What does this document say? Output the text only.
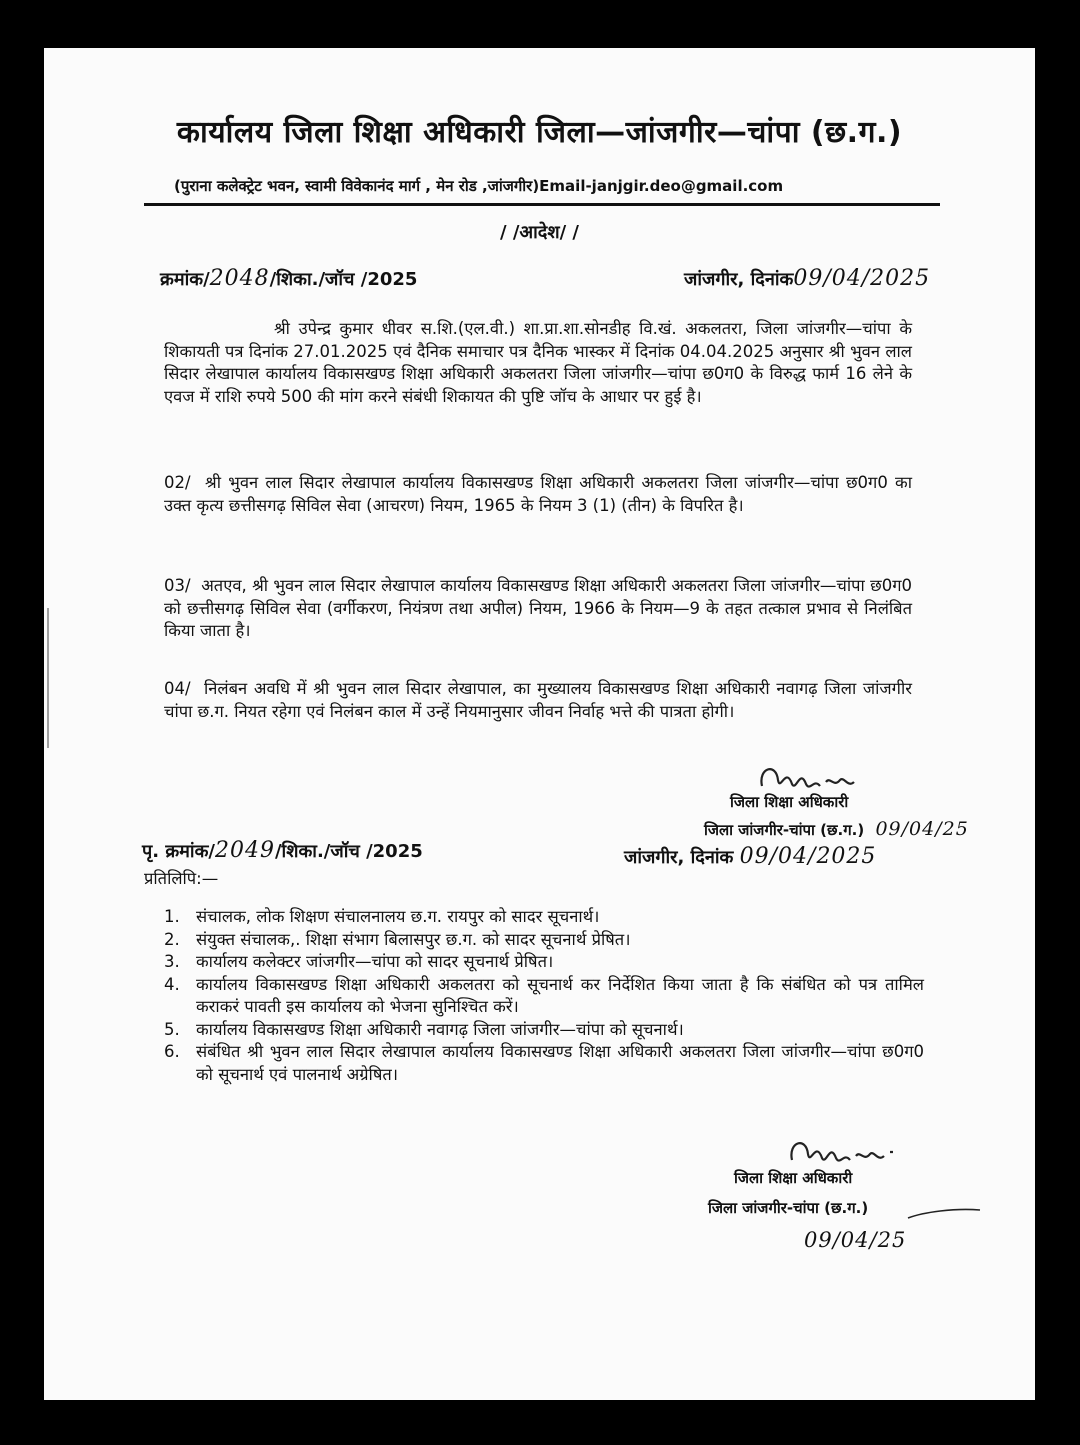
कार्यालय जिला शिक्षा अधिकारी जिला—जांजगीर—चांपा (छ.ग.)
(पुराना कलेक्ट्रेट भवन, स्वामी विवेकानंद मार्ग , मेन रोड ,जांजगीर)Email-janjgir.deo@gmail.com
/ /आदेश/ /
क्रमांक/2048/शिका./जॉच /2025	जांजगीर, दिनांक09/04/2025
श्री उपेन्द्र कुमार धीवर स.शि.(एल.वी.) शा.प्रा.शा.सोनडीह वि.खं. अकलतरा, जिला जांजगीर—चांपा के शिकायती पत्र दिनांक 27.01.2025 एवं दैनिक समाचार पत्र दैनिक भास्कर में दिनांक 04.04.2025 अनुसार श्री भुवन लाल सिदार लेखापाल कार्यालय विकासखण्ड शिक्षा अधिकारी अकलतरा जिला जांजगीर—चांपा छ0ग0 के विरुद्ध फार्म 16 लेने के एवज में राशि रुपये 500 की मांग करने संबंधी शिकायत की पुष्टि जॉच के आधार पर हुई है।
02/ श्री भुवन लाल सिदार लेखापाल कार्यालय विकासखण्ड शिक्षा अधिकारी अकलतरा जिला जांजगीर—चांपा छ0ग0 का उक्त कृत्य छत्तीसगढ़ सिविल सेवा (आचरण) नियम, 1965 के नियम 3 (1) (तीन) के विपरित है।
03/ अतएव, श्री भुवन लाल सिदार लेखापाल कार्यालय विकासखण्ड शिक्षा अधिकारी अकलतरा जिला जांजगीर—चांपा छ0ग0 को छत्तीसगढ़ सिविल सेवा (वर्गीकरण, नियंत्रण तथा अपील) नियम, 1966 के नियम—9 के तहत तत्काल प्रभाव से निलंबित किया जाता है।
04/ निलंबन अवधि में श्री भुवन लाल सिदार लेखापाल, का मुख्यालय विकासखण्ड शिक्षा अधिकारी नवागढ़ जिला जांजगीर चांपा छ.ग. नियत रहेगा एवं निलंबन काल में उन्हें नियमानुसार जीवन निर्वाह भत्ते की पात्रता होगी।
जिला शिक्षा अधिकारी
जिला जांजगीर-चांपा (छ.ग.) 09/04/25
पृ. क्रमांक/2049/शिका./जॉच /2025	जांजगीर, दिनांक 09/04/2025
प्रतिलिपि:—
1. संचालक, लोक शिक्षण संचालनालय छ.ग. रायपुर को सादर सूचनार्थ।
2. संयुक्त संचालक,. शिक्षा संभाग बिलासपुर छ.ग. को सादर सूचनार्थ प्रेषित।
3. कार्यालय कलेक्टर जांजगीर—चांपा को सादर सूचनार्थ प्रेषित।
4. कार्यालय विकासखण्ड शिक्षा अधिकारी अकलतरा को सूचनार्थ कर निर्देशित किया जाता है कि संबंधित को पत्र तामिल कराकरं पावती इस कार्यालय को भेजना सुनिश्चित करें।
5. कार्यालय विकासखण्ड शिक्षा अधिकारी नवागढ़ जिला जांजगीर—चांपा को सूचनार्थ।
6. संबंधित श्री भुवन लाल सिदार लेखापाल कार्यालय विकासखण्ड शिक्षा अधिकारी अकलतरा जिला जांजगीर—चांपा छ0ग0 को सूचनार्थ एवं पालनार्थ अग्रेषित।
जिला शिक्षा अधिकारी
जिला जांजगीर-चांपा (छ.ग.)
09/04/25
